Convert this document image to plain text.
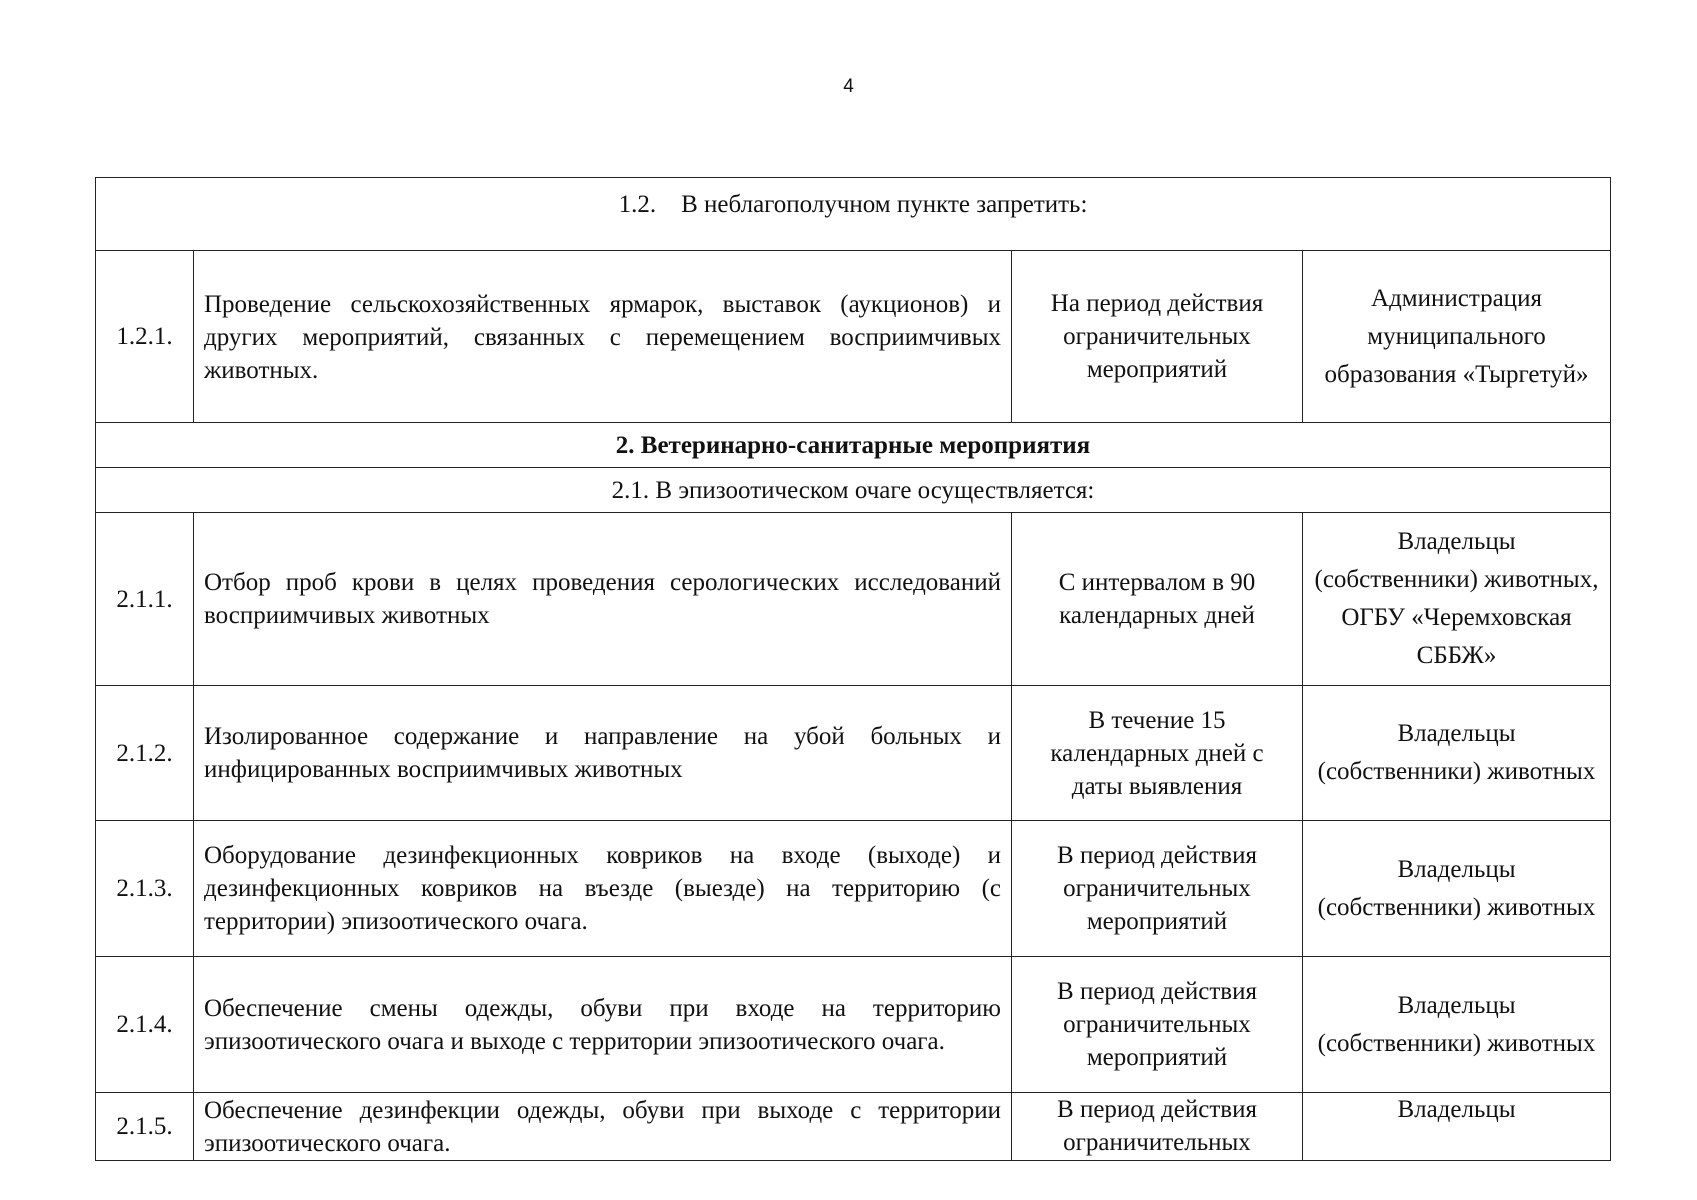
4
1.2.    В неблагополучном пункте запретить:			
1.2.1.	Проведение сельскохозяйственных ярмарок, выставок (аукционов) и других мероприятий, связанных с перемещением восприимчивых животных.	На период действия ограничительных мероприятий	Администрация муниципального образования «Тыргетуй»
2. Ветеринарно-санитарные мероприятия			
2.1. В эпизоотическом очаге осуществляется:			
2.1.1.	Отбор проб крови в целях проведения серологических исследований восприимчивых животных	С интервалом в 90 календарных дней	Владельцы (собственники) животных, ОГБУ «Черемховская СББЖ»
2.1.2.	Изолированное содержание и направление на убой больных и инфицированных восприимчивых животных	В течение 15 календарных дней с даты выявления	Владельцы (собственники) животных
2.1.3.	Оборудование дезинфекционных ковриков на входе (выходе) и дезинфекционных ковриков на въезде (выезде) на территорию (с территории) эпизоотического очага.	В период действия ограничительных мероприятий	Владельцы (собственники) животных
2.1.4.	Обеспечение смены одежды, обуви при входе на территорию эпизоотического очага и выходе с территории эпизоотического очага.	В период действия ограничительных мероприятий	Владельцы (собственники) животных
2.1.5.	Обеспечение дезинфекции одежды, обуви при выходе с территории эпизоотического очага.	В период действия ограничительных	Владельцы
